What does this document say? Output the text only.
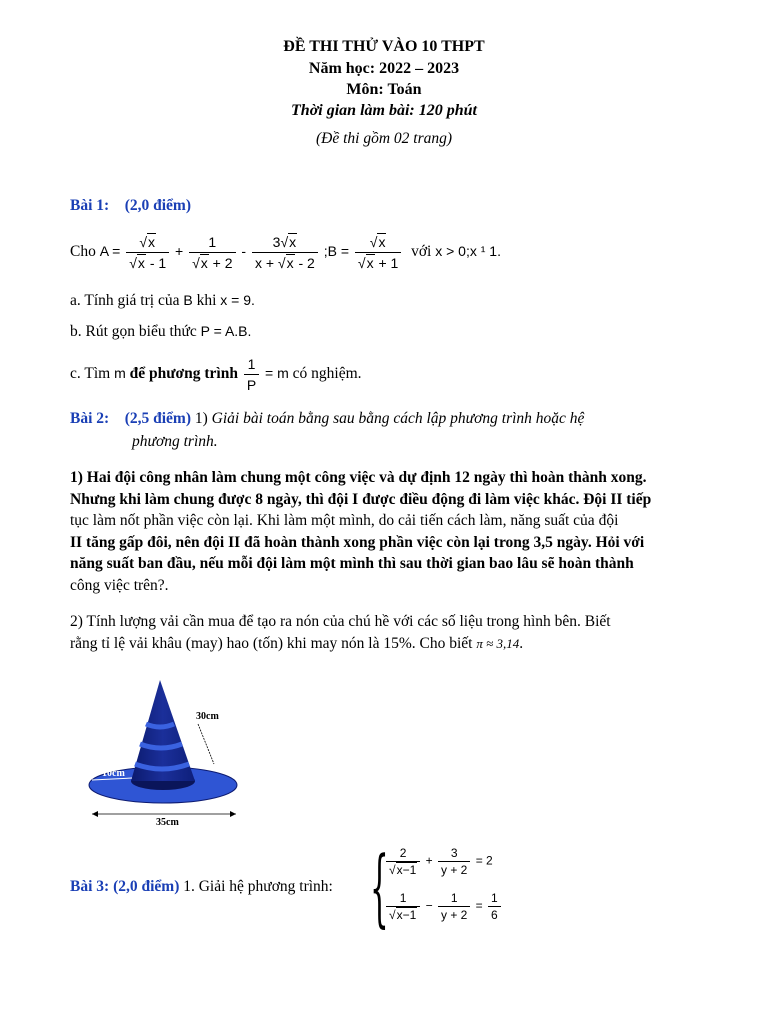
ĐỀ THI THỬ VÀO 10 THPT
Năm học: 2022 – 2023
Môn: Toán
Thời gian làm bài: 120 phút
(Đề thi gồm 02 trang)
Bài 1: (2,0 điểm)
Cho $A = \frac{√x}{√x - 1} + \frac{1}{√x + 2} - \frac{3√x}{x + √x - 2}$ ;B = $\frac{√x}{√x + 1}$ với x > 0;x ¹ 1.
a. Tính giá trị của B khi x = 9.
b. Rút gọn biểu thức P = A.B.
c. Tìm m để phương trình $\frac{1}{P} = m$ có nghiệm.
Bài 2: (2,5 điểm) 1) Giải bài toán bằng sau bằng cách lập phương trình hoặc hệ
phương trình.
1) Hai đội công nhân làm chung một công việc và dự định 12 ngày thì hoàn thành xong.
Nhưng khi làm chung được 8 ngày, thì đội I được điều động đi làm việc khác. Đội II tiếp
tục làm nốt phần việc còn lại. Khi làm một mình, do cải tiến cách làm, năng suất của đội
II tăng gấp đôi, nên đội II đã hoàn thành xong phần việc còn lại trong 3,5 ngày. Hỏi với
năng suất ban đầu, nếu mỗi đội làm một mình thì sau thời gian bao lâu sẽ hoàn thành
công việc trên?.
2) Tính lượng vải cần mua để tạo ra nón của chú hề với các số liệu trong hình bên. Biết
rằng tỉ lệ vải khâu (may) hao (tốn) khi may nón là 15%. Cho biết π ≈ 3,14.
30cm
10cm
35cm
Bài 3: (2,0 điểm) 1. Giải hệ phương trình: {
$\frac{2}{√x-1} + \frac{3}{y + 2} = 2$
$\frac{1}{√x-1} - \frac{1}{y + 2} = \frac{1}{6}$
